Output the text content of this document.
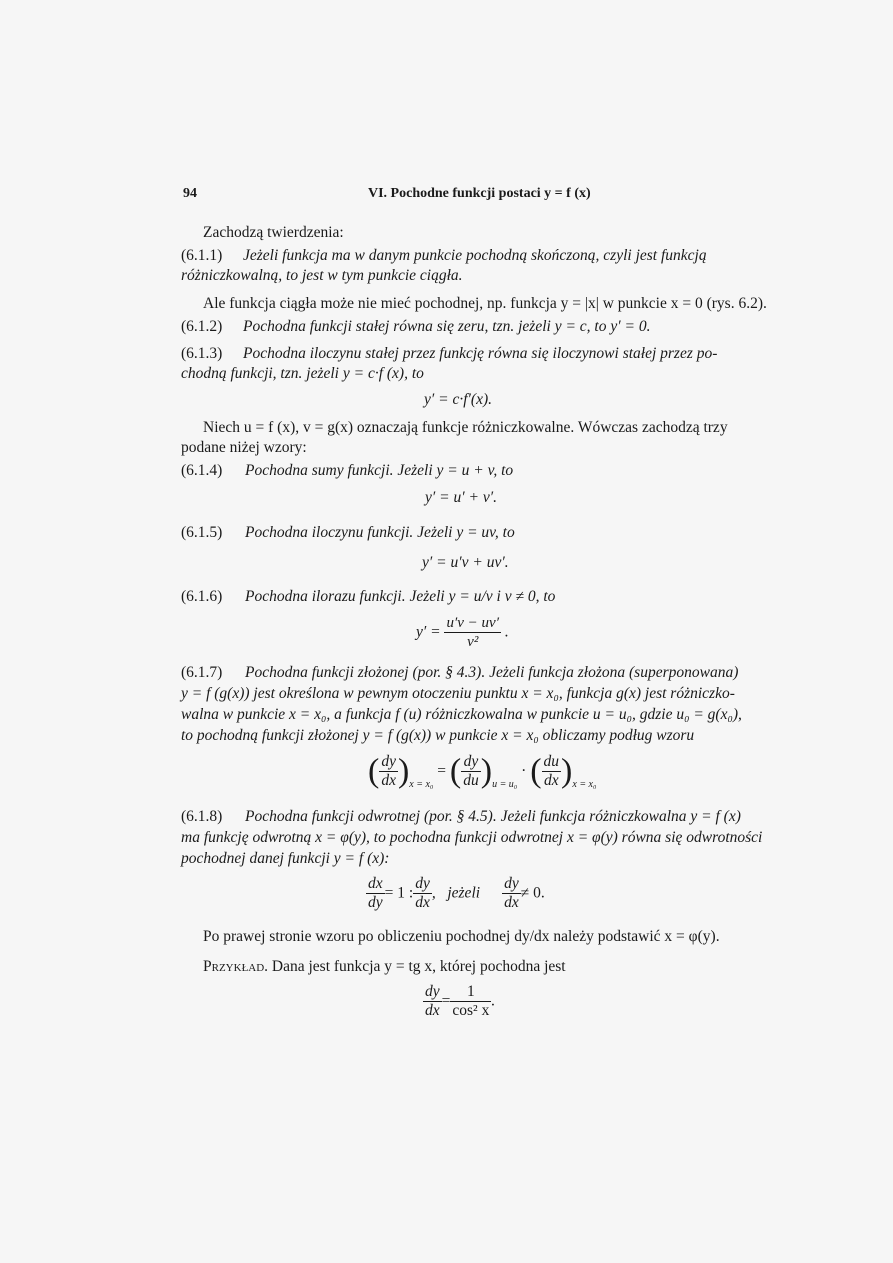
94	VI. Pochodne funkcji postaci y = f (x)
Zachodzą twierdzenia:
(6.1.1) Jeżeli funkcja ma w danym punkcie pochodną skończoną, czyli jest funkcją
różniczkowalną, to jest w tym punkcie ciągła.
Ale funkcja ciągła może nie mieć pochodnej, np. funkcja y = |x| w punkcie x = 0 (rys. 6.2).
(6.1.2) Pochodna funkcji stałej równa się zeru, tzn. jeżeli y = c, to y′ = 0.
(6.1.3) Pochodna iloczynu stałej przez funkcję równa się iloczynowi stałej przez po-
chodną funkcji, tzn. jeżeli y = c·f (x), to
y′ = c·f′(x).
Niech u = f (x), v = g(x) oznaczają funkcje różniczkowalne. Wówczas zachodzą trzy
podane niżej wzory:
(6.1.4) Pochodna sumy funkcji. Jeżeli y = u + v, to
y′ = u′ + v′.
(6.1.5) Pochodna iloczynu funkcji. Jeżeli y = uv, to
y′ = u′v + uv′.
(6.1.6) Pochodna ilorazu funkcji. Jeżeli y = u/v i v ≠ 0, to
$y' = \frac{u'v - uv'}{\text{v²}}$ .
(6.1.7) Pochodna funkcji złożonej (por. § 4.3). Jeżeli funkcja złożona (superponowana)
y = f (g(x)) jest określona w pewnym otoczeniu punktu x = x₀, funkcja g(x) jest różniczko-
walna w punkcie x = x₀, a funkcja f (u) różniczkowalna w punkcie u = u₀, gdzie u₀ = g(x₀),
to pochodną funkcji złożonej y = f (g(x)) w punkcie x = x₀ obliczamy podług wzoru
( $\frac{dy}{dx} )_{x = x_0}$ = ( $\frac{dy}{du} )_{u = u_0}$ · ( $\frac{du}{dx} )_{x = x_0}$
(6.1.8) Pochodna funkcji odwrotnej (por. § 4.5). Jeżeli funkcja różniczkowalna y = f (x)
ma funkcję odwrotną x = φ(y), to pochodna funkcji odwrotnej x = φ(y) równa się odwrotności
pochodnej danej funkcji y = f (x):
$\frac{dx}{dy} = 1$ : $\frac{dy}{dx}$ ,   jeżeli $\frac{dy}{dx} \ne 0$.
Po prawej stronie wzoru po obliczeniu pochodnej dy/dx należy podstawić x = φ(y).
Przykład. Dana jest funkcja y = tg x, której pochodna jest
$\frac{dy}{dx} = \frac{1}{\text{cos² x}}$ .
